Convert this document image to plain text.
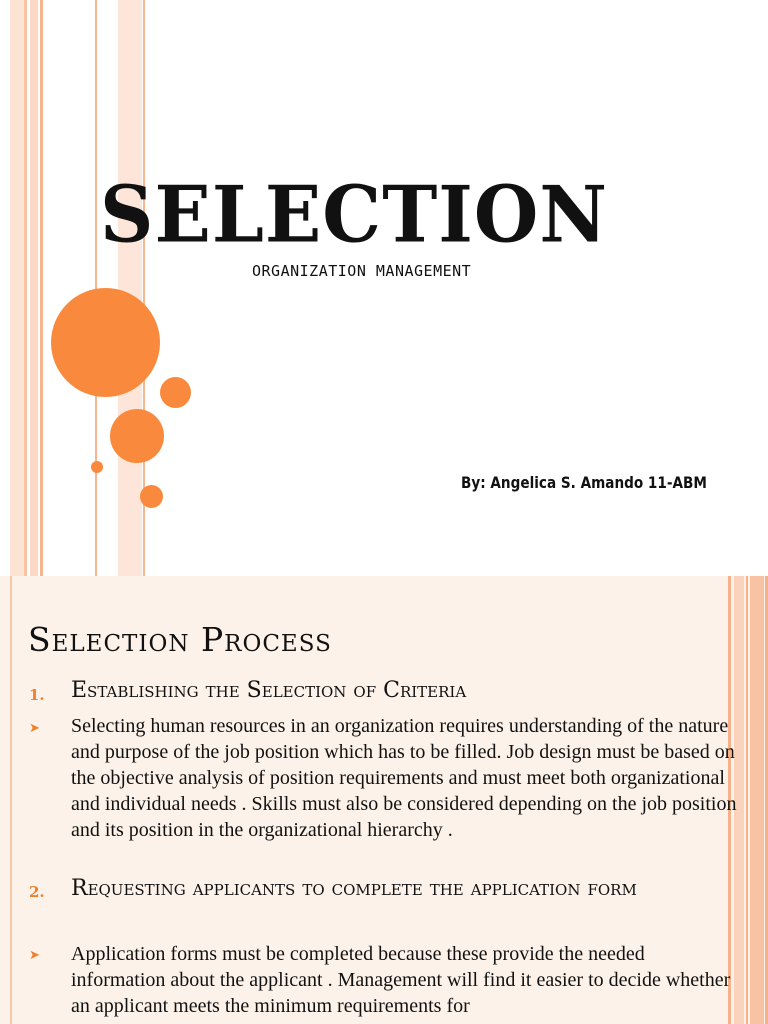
SELECTION
ORGANIZATION MANAGEMENT
By: Angelica S. Amando 11-ABM
Selection Process
1. Establishing the Selection of Criteria
➤ Selecting human resources in an organization requires understanding of the nature and purpose of the job position which has to be filled. Job design must be based on the objective analysis of position requirements and must meet both organizational and individual needs . Skills must also be considered depending on the job position and its position in the organizational hierarchy .
2. Requesting applicants to complete the application form
➤ Application forms must be completed because these provide the needed information about the applicant . Management will find it easier to decide whether an applicant meets the minimum requirements for
